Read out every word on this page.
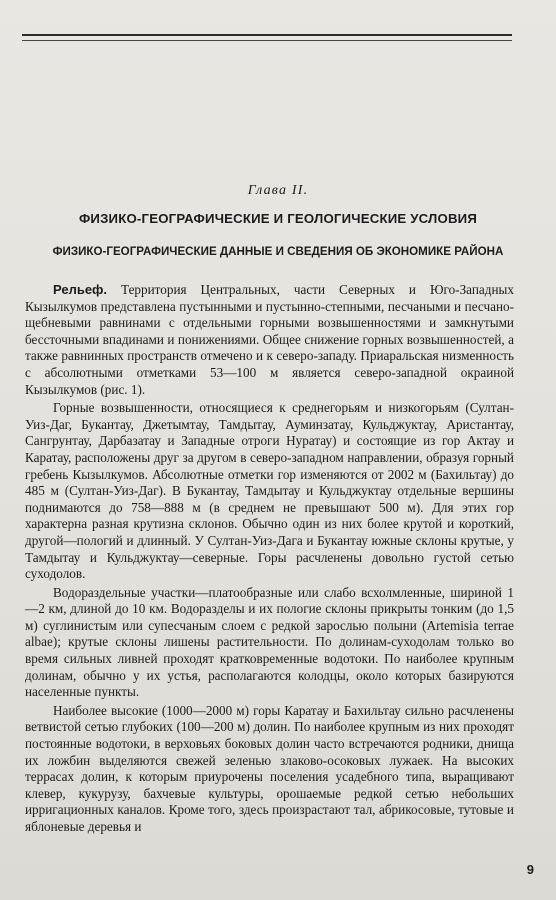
Глава II.
ФИЗИКО-ГЕОГРАФИЧЕСКИЕ И ГЕОЛОГИЧЕСКИЕ УСЛОВИЯ
ФИЗИКО-ГЕОГРАФИЧЕСКИЕ ДАННЫЕ И СВЕДЕНИЯ ОБ ЭКОНОМИКЕ РАЙОНА

Рельеф. Территория Центральных, части Северных и Юго-Западных Кызылкумов представлена пустынными и пустынно-степными, песчаными и песчано-щебневыми равнинами с отдельными горными возвышенностями и замкнутыми бессточными впадинами и понижениями. Общее снижение горных возвышенностей, а также равнинных пространств отмечено и к северо-западу. Приаральская низменность с абсолютными отметками 53—100 м является северо-западной окраиной Кызылкумов (рис. 1).

Горные возвышенности, относящиеся к среднегорьям и низкогорьям (Султан-Уиз-Даг, Букантау, Джетымтау, Тамдытау, Ауминзатау, Кульджуктау, Аристантау, Сангрунтау, Дарбазатау и Западные отроги Нуратау) и состоящие из гор Актау и Каратау, расположены друг за другом в северо-западном направлении, образуя горный гребень Кызылкумов. Абсолютные отметки гор изменяются от 2002 м (Бахильтау) до 485 м (Султан-Уиз-Даг). В Букантау, Тамдытау и Кульджуктау отдельные вершины поднимаются до 758—888 м (в среднем не превышают 500 м). Для этих гор характерна разная крутизна склонов. Обычно один из них более крутой и короткий, другой—пологий и длинный. У Султан-Уиз-Дага и Букантау южные склоны крутые, у Тамдытау и Кульджуктау—северные. Горы расчленены довольно густой сетью суходолов.

Водораздельные участки—платообразные или слабо всхолмленные, шириной 1—2 км, длиной до 10 км. Водоразделы и их пологие склоны прикрыты тонким (до 1,5 м) суглинистым или супесчаным слоем с редкой зарослью полыни (Artemisia terrae albae); крутые склоны лишены растительности. По долинам-суходолам только во время сильных ливней проходят кратковременные водотоки. По наиболее крупным долинам, обычно у их устья, располагаются колодцы, около которых базируются населенные пункты.

Наиболее высокие (1000—2000 м) горы Каратау и Бахильтау сильно расчленены ветвистой сетью глубоких (100—200 м) долин. По наиболее крупным из них проходят постоянные водотоки, в верховьях боковых долин часто встречаются родники, днища их ложбин выделяются свежей зеленью злаково-осоковых лужаек. На высоких террасах долин, к которым приурочены поселения усадебного типа, выращивают клевер, кукурузу, бахчевые культуры, орошаемые редкой сетью небольших ирригационных каналов. Кроме того, здесь произрастают тал, абрикосовые, тутовые и яблоневые деревья и

9
